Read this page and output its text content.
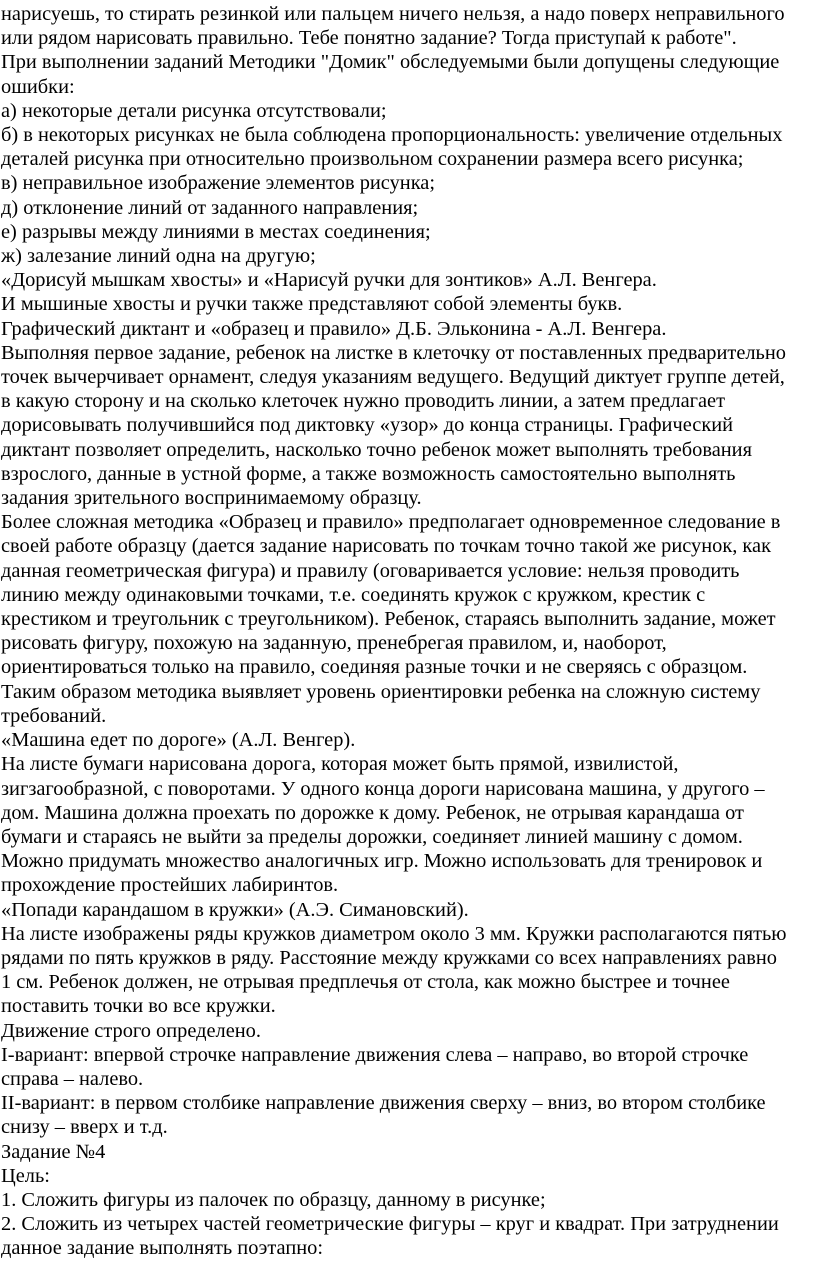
нарисуешь, то стирать резинкой или пальцем ничего нельзя, а надо поверх неправильного
или рядом нарисовать правильно. Тебе понятно задание? Тогда приступай к работе".
При выполнении заданий Методики "Домик" обследуемыми были допущены следующие
ошибки:
а) некоторые детали рисунка отсутствовали;
б) в некоторых рисунках не была соблюдена пропорциональность: увеличение отдельных
деталей рисунка при относительно произвольном сохранении размера всего рисунка;
в) неправильное изображение элементов рисунка;
д) отклонение линий от заданного направления;
е) разрывы между линиями в местах соединения;
ж) залезание линий одна на другую;
«Дорисуй мышкам хвосты» и «Нарисуй ручки для зонтиков» А.Л. Венгера.
И мышиные хвосты и ручки также представляют собой элементы букв.
Графический диктант и «образец и правило» Д.Б. Эльконина - А.Л. Венгера.
Выполняя первое задание, ребенок на листке в клеточку от поставленных предварительно
точек вычерчивает орнамент, следуя указаниям ведущего. Ведущий диктует группе детей,
в какую сторону и на сколько клеточек нужно проводить линии, а затем предлагает
дорисовывать получившийся под диктовку «узор» до конца страницы. Графический
диктант позволяет определить, насколько точно ребенок может выполнять требования
взрослого, данные в устной форме, а также возможность самостоятельно выполнять
задания зрительного воспринимаемому образцу.
Более сложная методика «Образец и правило» предполагает одновременное следование в
своей работе образцу (дается задание нарисовать по точкам точно такой же рисунок, как
данная геометрическая фигура) и правилу (оговаривается условие: нельзя проводить
линию между одинаковыми точками, т.е. соединять кружок с кружком, крестик с
крестиком и треугольник с треугольником). Ребенок, стараясь выполнить задание, может
рисовать фигуру, похожую на заданную, пренебрегая правилом, и, наоборот,
ориентироваться только на правило, соединяя разные точки и не сверяясь с образцом.
Таким образом методика выявляет уровень ориентировки ребенка на сложную систему
требований.
«Машина едет по дороге» (А.Л. Венгер).
На листе бумаги нарисована дорога, которая может быть прямой, извилистой,
зигзагообразной, с поворотами. У одного конца дороги нарисована машина, у другого –
дом. Машина должна проехать по дорожке к дому. Ребенок, не отрывая карандаша от
бумаги и стараясь не выйти за пределы дорожки, соединяет линией машину с домом.
Можно придумать множество аналогичных игр. Можно использовать для тренировок и
прохождение простейших лабиринтов.
«Попади карандашом в кружки» (А.Э. Симановский).
На листе изображены ряды кружков диаметром около 3 мм. Кружки располагаются пятью
рядами по пять кружков в ряду. Расстояние между кружками со всех направлениях равно
1 см. Ребенок должен, не отрывая предплечья от стола, как можно быстрее и точнее
поставить точки во все кружки.
Движение строго определено.
I-вариант: впервой строчке направление движения слева – направо, во второй строчке
справа – налево.
II-вариант: в первом столбике направление движения сверху – вниз, во втором столбике
снизу – вверх и т.д.
Задание №4
Цель:
1. Сложить фигуры из палочек по образцу, данному в рисунке;
2. Сложить из четырех частей геометрические фигуры – круг и квадрат. При затруднении
данное задание выполнять поэтапно:
